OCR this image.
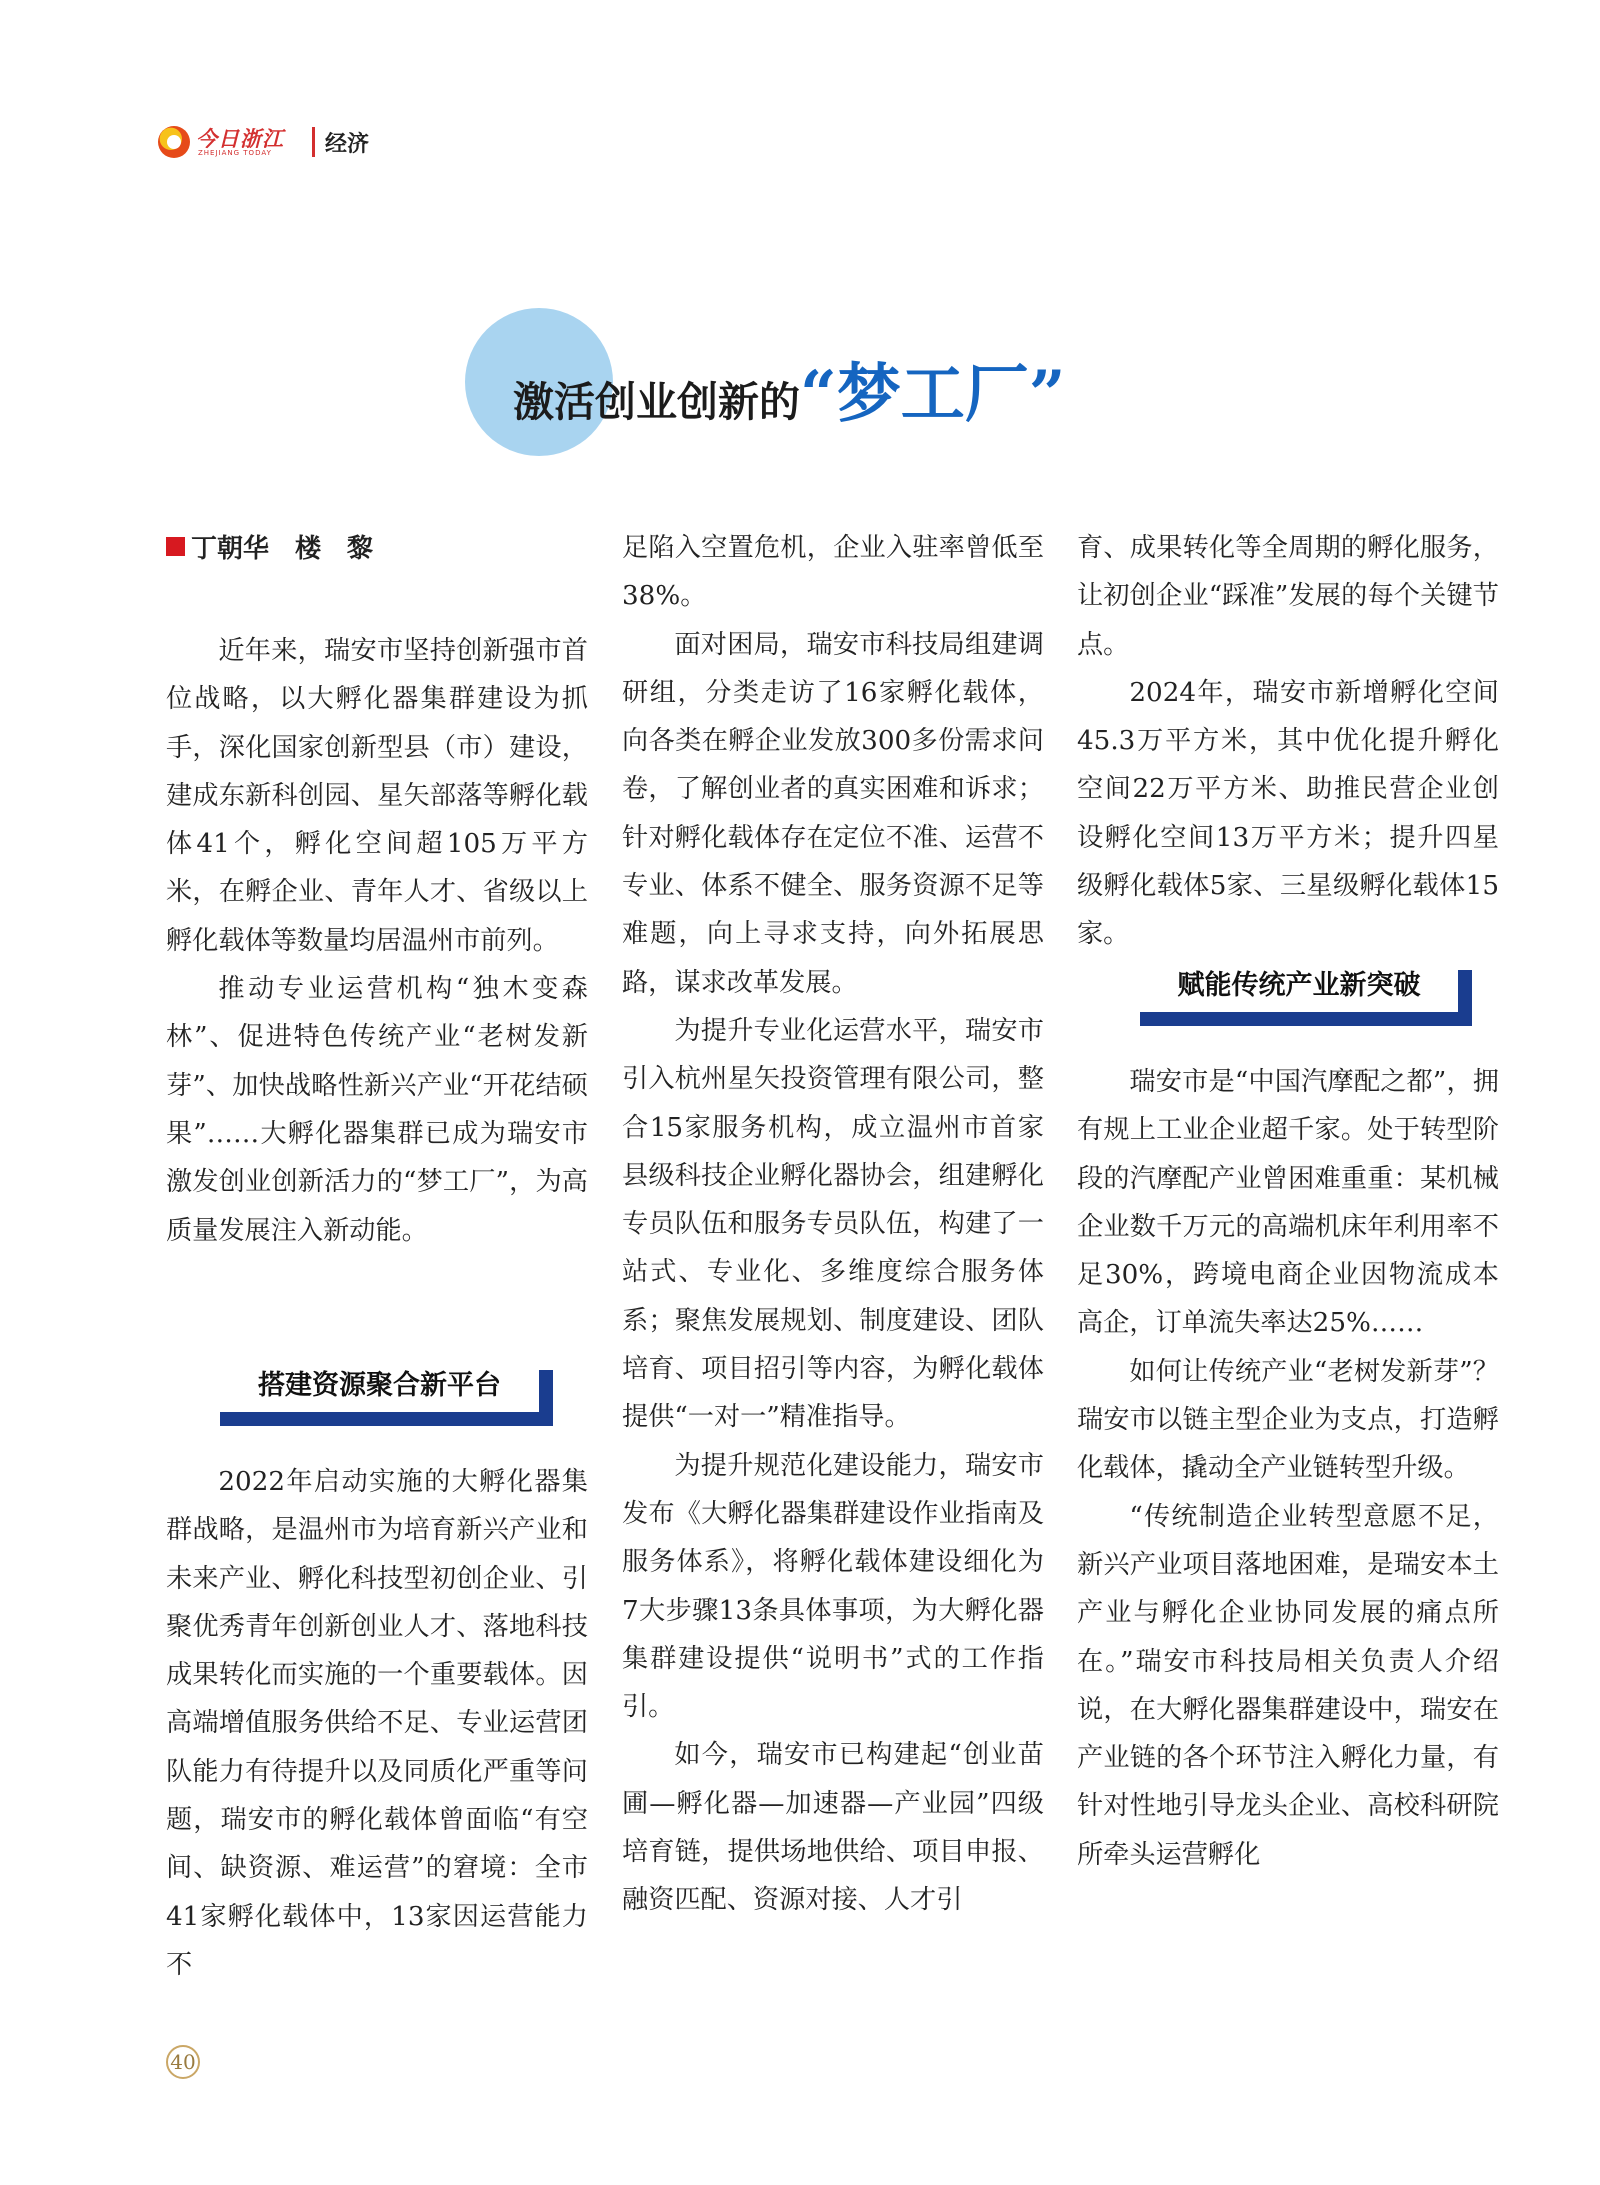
今日浙江
ZHEJIANG TODAY 经济
激活创业创新的“梦工厂”
丁朝华　楼　黎

近年来，瑞安市坚持创新强市首位战略，以大孵化器集群建设为抓手，深化国家创新型县（市）建设，建成东新科创园、星矢部落等孵化载体41个，孵化空间超105万平方米，在孵企业、青年人才、省级以上孵化载体等数量均居温州市前列。

推动专业运营机构“独木变森林”、促进特色传统产业“老树发新芽”、加快战略性新兴产业“开花结硕果”……大孵化器集群已成为瑞安市激发创业创新活力的“梦工厂”，为高质量发展注入新动能。

搭建资源聚合新平台

2022年启动实施的大孵化器集群战略，是温州市为培育新兴产业和未来产业、孵化科技型初创企业、引聚优秀青年创新创业人才、落地科技成果转化而实施的一个重要载体。因高端增值服务供给不足、专业运营团队能力有待提升以及同质化严重等问题，瑞安市的孵化载体曾面临“有空间、缺资源、难运营”的窘境：全市41家孵化载体中，13家因运营能力不

足陷入空置危机，企业入驻率曾低至38%。

面对困局，瑞安市科技局组建调研组，分类走访了16家孵化载体，向各类在孵企业发放300多份需求问卷，了解创业者的真实困难和诉求；针对孵化载体存在定位不准、运营不专业、体系不健全、服务资源不足等难题，向上寻求支持，向外拓展思路，谋求改革发展。

为提升专业化运营水平，瑞安市引入杭州星矢投资管理有限公司，整合15家服务机构，成立温州市首家县级科技企业孵化器协会，组建孵化专员队伍和服务专员队伍，构建了一站式、专业化、多维度综合服务体系；聚焦发展规划、制度建设、团队培育、项目招引等内容，为孵化载体提供“一对一”精准指导。

为提升规范化建设能力，瑞安市发布《大孵化器集群建设作业指南及服务体系》，将孵化载体建设细化为7大步骤13条具体事项，为大孵化器集群建设提供“说明书”式的工作指引。

如今，瑞安市已构建起“创业苗圃—孵化器—加速器—产业园”四级培育链，提供场地供给、项目申报、融资匹配、资源对接、人才引

育、成果转化等全周期的孵化服务，让初创企业“踩准”发展的每个关键节点。

2024年，瑞安市新增孵化空间45.3万平方米，其中优化提升孵化空间22万平方米、助推民营企业创设孵化空间13万平方米；提升四星级孵化载体5家、三星级孵化载体15家。

赋能传统产业新突破

瑞安市是“中国汽摩配之都”，拥有规上工业企业超千家。处于转型阶段的汽摩配产业曾困难重重：某机械企业数千万元的高端机床年利用率不足30%，跨境电商企业因物流成本高企，订单流失率达25%……

如何让传统产业“老树发新芽”？瑞安市以链主型企业为支点，打造孵化载体，撬动全产业链转型升级。

“传统制造企业转型意愿不足，新兴产业项目落地困难，是瑞安本土产业与孵化企业协同发展的痛点所在。”瑞安市科技局相关负责人介绍说，在大孵化器集群建设中，瑞安在产业链的各个环节注入孵化力量，有针对性地引导龙头企业、高校科研院所牵头运营孵化

40
